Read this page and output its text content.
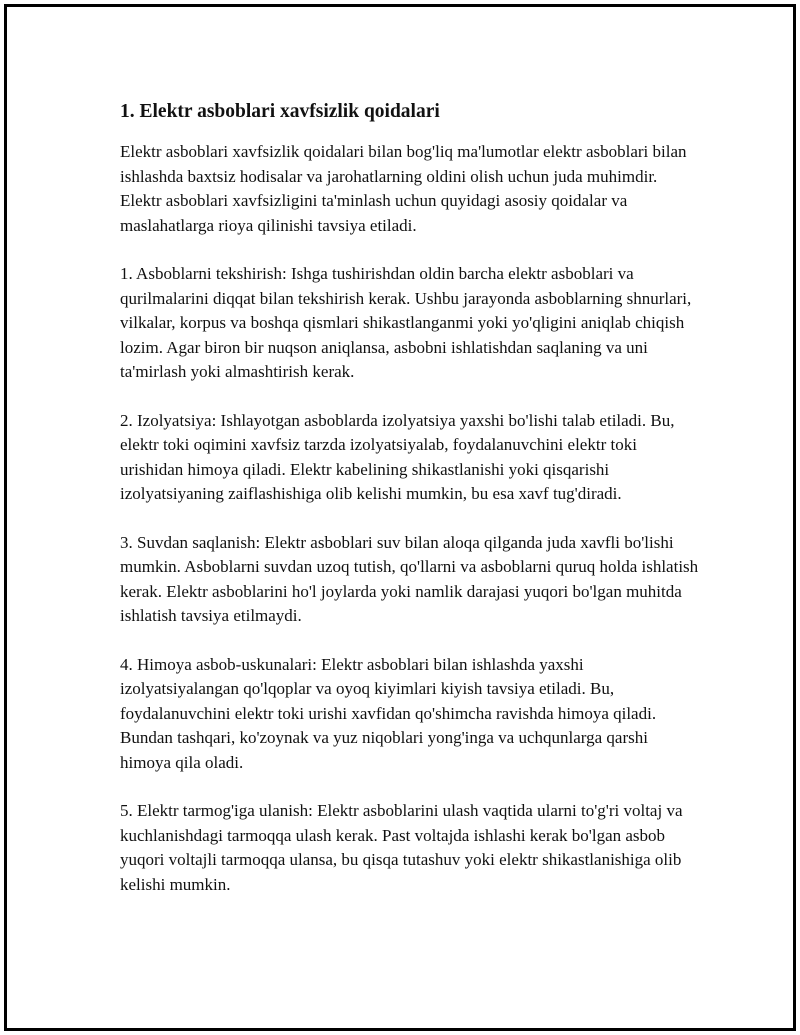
1. Elektr asboblari xavfsizlik qoidalari

Elektr asboblari xavfsizlik qoidalari bilan bog'liq ma'lumotlar elektr asboblari bilan ishlashda baxtsiz hodisalar va jarohatlarning oldini olish uchun juda muhimdir. Elektr asboblari xavfsizligini ta'minlash uchun quyidagi asosiy qoidalar va maslahatlarga rioya qilinishi tavsiya etiladi.

1. Asboblarni tekshirish: Ishga tushirishdan oldin barcha elektr asboblari va qurilmalarini diqqat bilan tekshirish kerak. Ushbu jarayonda asboblarning shnurlari, vilkalar, korpus va boshqa qismlari shikastlanganmi yoki yo'qligini aniqlab chiqish lozim. Agar biron bir nuqson aniqlansa, asbobni ishlatishdan saqlaning va uni ta'mirlash yoki almashtirish kerak.

2. Izolyatsiya: Ishlayotgan asboblarda izolyatsiya yaxshi bo'lishi talab etiladi. Bu, elektr toki oqimini xavfsiz tarzda izolyatsiyalab, foydalanuvchini elektr toki urishidan himoya qiladi. Elektr kabelining shikastlanishi yoki qisqarishi izolyatsiyaning zaiflashishiga olib kelishi mumkin, bu esa xavf tug'diradi.

3. Suvdan saqlanish: Elektr asboblari suv bilan aloqa qilganda juda xavfli bo'lishi mumkin. Asboblarni suvdan uzoq tutish, qo'llarni va asboblarni quruq holda ishlatish kerak. Elektr asboblarini ho'l joylarda yoki namlik darajasi yuqori bo'lgan muhitda ishlatish tavsiya etilmaydi.

4. Himoya asbob-uskunalari: Elektr asboblari bilan ishlashda yaxshi izolyatsiyalangan qo'lqoplar va oyoq kiyimlari kiyish tavsiya etiladi. Bu, foydalanuvchini elektr toki urishi xavfidan qo'shimcha ravishda himoya qiladi. Bundan tashqari, ko'zoynak va yuz niqoblari yong'inga va uchqunlarga qarshi himoya qila oladi.

5. Elektr tarmog'iga ulanish: Elektr asboblarini ulash vaqtida ularni to'g'ri voltaj va kuchlanishdagi tarmoqqa ulash kerak. Past voltajda ishlashi kerak bo'lgan asbob yuqori voltajli tarmoqqa ulansa, bu qisqa tutashuv yoki elektr shikastlanishiga olib kelishi mumkin.
